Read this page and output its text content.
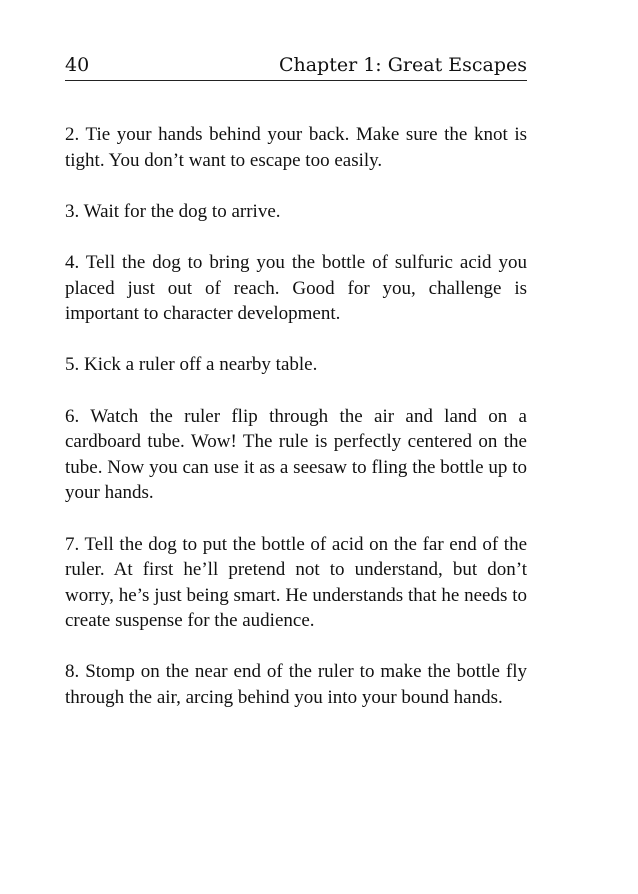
40	Chapter 1: Great Escapes

2. Tie your hands behind your back. Make sure the knot is tight. You don’t want to escape too easily.

3. Wait for the dog to arrive.

4. Tell the dog to bring you the bottle of sulfuric acid you placed just out of reach. Good for you, challenge is important to character development.

5. Kick a ruler off a nearby table.

6. Watch the ruler flip through the air and land on a cardboard tube. Wow! The rule is perfectly centered on the tube. Now you can use it as a seesaw to fling the bottle up to your hands.

7. Tell the dog to put the bottle of acid on the far end of the ruler. At first he’ll pretend not to understand, but don’t worry, he’s just being smart. He understands that he needs to create suspense for the audience.

8. Stomp on the near end of the ruler to make the bottle fly through the air, arcing behind you into your bound hands.
